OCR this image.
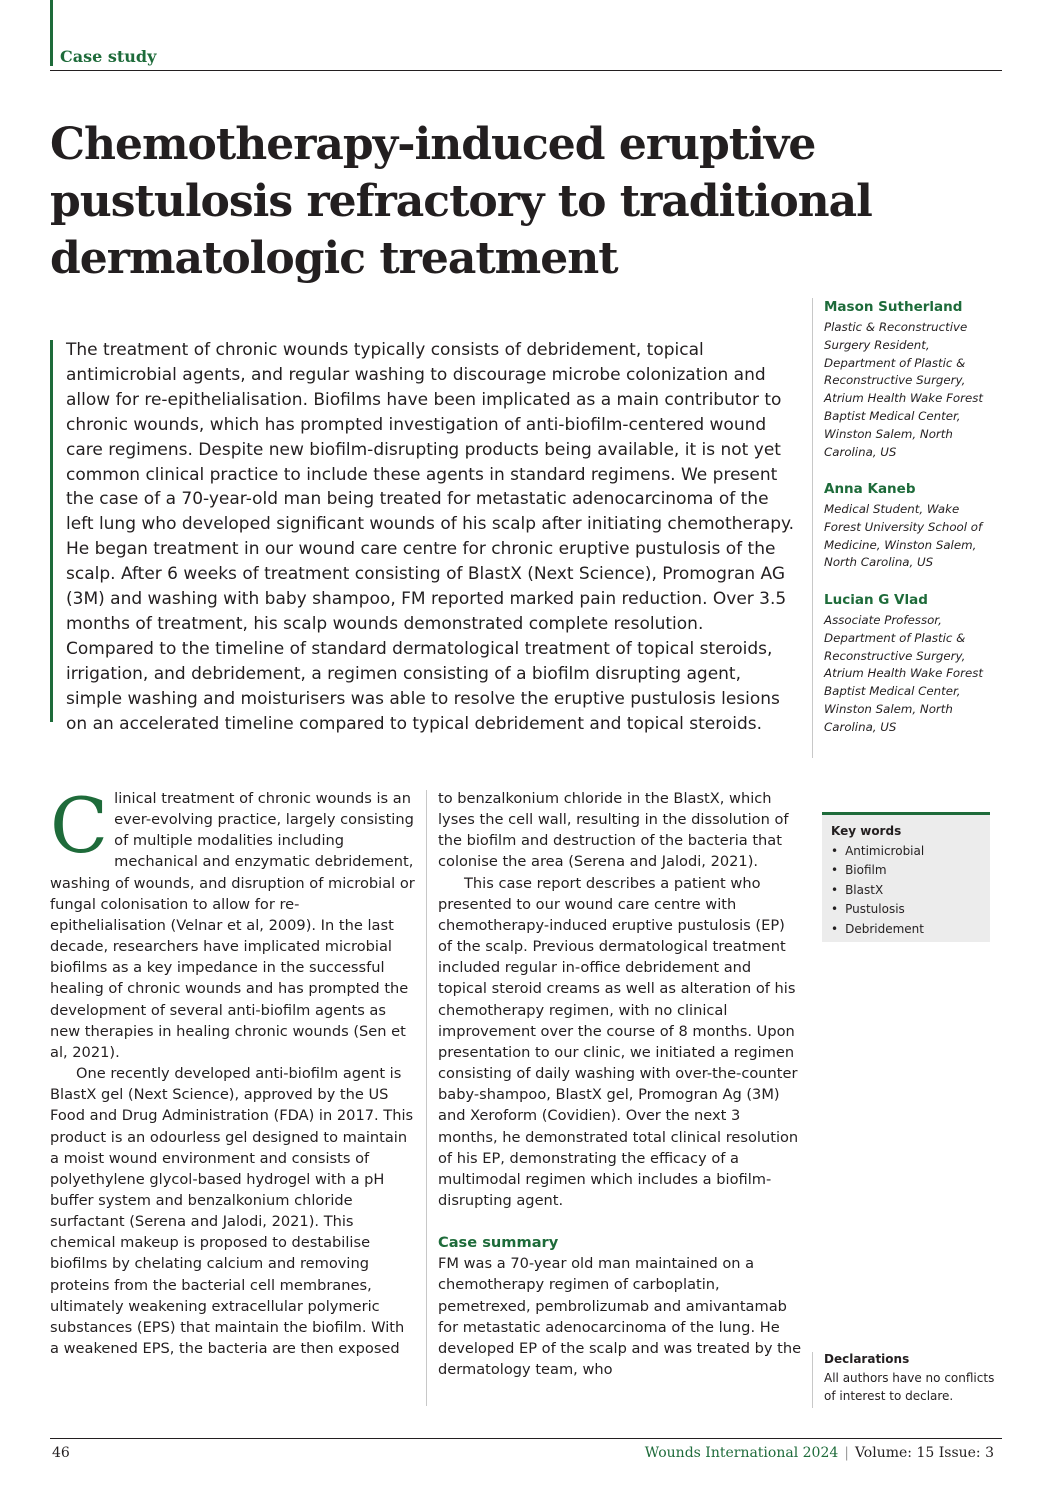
Case study
Chemotherapy-induced eruptive pustulosis refractory to traditional dermatologic treatment

The treatment of chronic wounds typically consists of debridement, topical antimicrobial agents, and regular washing to discourage microbe colonization and allow for re-epithelialisation. Biofilms have been implicated as a main contributor to chronic wounds, which has prompted investigation of anti-biofilm-centered wound care regimens. Despite new biofilm-disrupting products being available, it is not yet common clinical practice to include these agents in standard regimens. We present the case of a 70-year-old man being treated for metastatic adenocarcinoma of the left lung who developed significant wounds of his scalp after initiating chemotherapy. He began treatment in our wound care centre for chronic eruptive pustulosis of the scalp. After 6 weeks of treatment consisting of BlastX (Next Science), Promogran AG (3M) and washing with baby shampoo, FM reported marked pain reduction. Over 3.5 months of treatment, his scalp wounds demonstrated complete resolution. Compared to the timeline of standard dermatological treatment of topical steroids, irrigation, and debridement, a regimen consisting of a biofilm disrupting agent, simple washing and moisturisers was able to resolve the eruptive pustulosis lesions on an accelerated timeline compared to typical debridement and topical steroids.

Mason Sutherland

Plastic & Reconstructive Surgery Resident, Department of Plastic & Reconstructive Surgery, Atrium Health Wake Forest Baptist Medical Center, Winston Salem, North Carolina, US

Anna Kaneb

Medical Student, Wake Forest University School of Medicine, Winston Salem, North Carolina, US

Lucian G Vlad

Associate Professor, Department of Plastic & Reconstructive Surgery, Atrium Health Wake Forest Baptist Medical Center, Winston Salem, North Carolina, US

Clinical treatment of chronic wounds is an ever-evolving practice, largely consisting of multiple modalities including mechanical and enzymatic debridement, washing of wounds, and disruption of microbial or fungal colonisation to allow for re-epithelialisation (Velnar et al, 2009). In the last decade, researchers have implicated microbial biofilms as a key impedance in the successful healing of chronic wounds and has prompted the development of several anti-biofilm agents as new therapies in healing chronic wounds (Sen et al, 2021).

One recently developed anti-biofilm agent is BlastX gel (Next Science), approved by the US Food and Drug Administration (FDA) in 2017. This product is an odourless gel designed to maintain a moist wound environment and consists of polyethylene glycol-based hydrogel with a pH buffer system and benzalkonium chloride surfactant (Serena and Jalodi, 2021). This chemical makeup is proposed to destabilise biofilms by chelating calcium and removing proteins from the bacterial cell membranes, ultimately weakening extracellular polymeric substances (EPS) that maintain the biofilm. With a weakened EPS, the bacteria are then exposed

to benzalkonium chloride in the BlastX, which lyses the cell wall, resulting in the dissolution of the biofilm and destruction of the bacteria that colonise the area (Serena and Jalodi, 2021).

This case report describes a patient who presented to our wound care centre with chemotherapy-induced eruptive pustulosis (EP) of the scalp. Previous dermatological treatment included regular in-office debridement and topical steroid creams as well as alteration of his chemotherapy regimen, with no clinical improvement over the course of 8 months. Upon presentation to our clinic, we initiated a regimen consisting of daily washing with over-the-counter baby-shampoo, BlastX gel, Promogran Ag (3M) and Xeroform (Covidien). Over the next 3 months, he demonstrated total clinical resolution of his EP, demonstrating the efficacy of a multimodal regimen which includes a biofilm-disrupting agent.

Case summary

FM was a 70-year old man maintained on a chemotherapy regimen of carboplatin, pemetrexed, pembrolizumab and amivantamab for metastatic adenocarcinoma of the lung. He developed EP of the scalp and was treated by the dermatology team, who

Key words

• Antimicrobial
• Biofilm
• BlastX
• Pustulosis
• Debridement

Declarations

All authors have no conflicts of interest to declare.

46	Wounds International 2024 | Volume: 15 Issue: 3
